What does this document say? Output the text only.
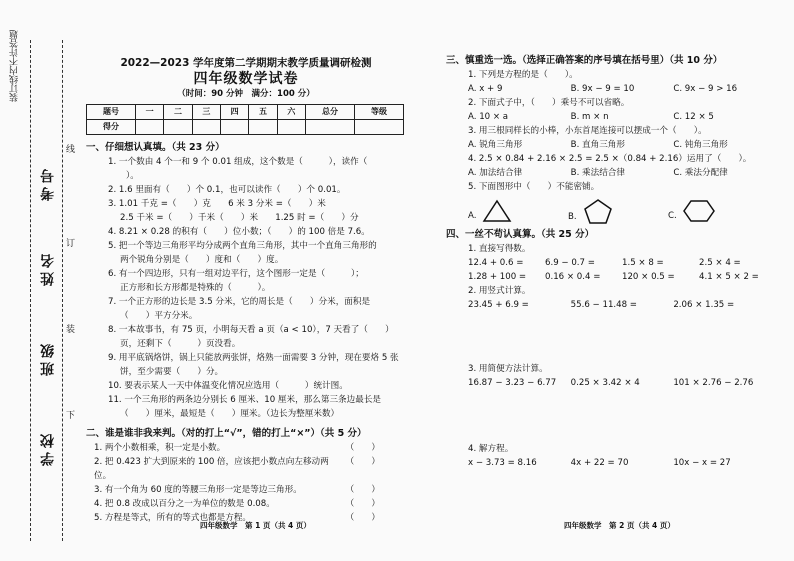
装订线内不许答题
学校
班级
姓名
考号
线
订
装
下
2022—2023 学年度第二学期期末教学质量调研检测
四年级数学试卷
（时间：90 分钟　满分：100 分）
题号	一	二	三	四	五	六	总分	等级
得分								
一、仔细想认真填。（共 23 分）
1. 一个数由 4 个一和 9 个 0.01 组成，这个数是（　　　），读作（　　　
）。
2. 1.6 里面有（　　）个 0.1，也可以读作（　　）个 0.01。
3. 1.01 千克 =（　　）克　　6 米 3 分米 =（　　）米
2.5 千米 =（　　）千米（　　）米　　1.25 时 =（　　）分
4. 8.21 × 0.28 的积有（　　）位小数；（　　）的 100 倍是 7.6。
5. 把一个等边三角形平均分成两个直角三角形，其中一个直角三角形的
两个锐角分别是（　　）度和（　　）度。
6. 有一个四边形，只有一组对边平行，这个图形一定是（　　　）；
正方形和长方形都是特殊的（　　　）。
7. 一个正方形的边长是 3.5 分米，它的周长是（　　）分米，面积是
（　　）平方分米。
8. 一本故事书，有 75 页，小明每天看 a 页（a < 10），7 天看了（　　）
页，还剩下（　　　）页没看。
9. 用平底锅烙饼，锅上只能放两张饼，烙熟一面需要 3 分钟，现在要烙 5 张
饼，至少需要（　　）分。
10. 要表示某人一天中体温变化情况应选用（　　　）统计图。
11. 一个三角形的两条边分别长 6 厘米、10 厘米，那么第三条边最长是
（　　）厘米，最短是（　　）厘米。（边长为整厘米数）
二、谁是谁非我来判。（对的打上“√”，错的打上“×”）（共 5 分）
1. 两个小数相乘，积一定是小数。	（　　）
2. 把 0.423 扩大到原来的 100 倍，应该把小数点向左移动两位。
（　　）
3. 有一个角为 60 度的等腰三角形一定是等边三角形。	（　　）
4. 把 0.8 改成以百分之一为单位的数是 0.08。	（　　）
5. 方程是等式，所有的等式也都是方程。	（　　）
四年级数学　第 1 页（共 4 页）
三、慎重选一选。（选择正确答案的序号填在括号里）（共 10 分）
1. 下列是方程的是（　　）。
A. x + 9	B. 9x − 9 = 10	C. 9x − 9 > 16
2. 下面式子中，（　　）乘号不可以省略。
A. 10 × a	B. m × n	C. 12 × 5
3. 用三根同样长的小棒，小东首尾连接可以摆成一个（　　）。
A. 锐角三角形	B. 直角三角形	C. 钝角三角形
4. 2.5 × 0.84 + 2.16 × 2.5 = 2.5 ×（0.84 + 2.16）运用了（　　）。
A. 加法结合律	B. 乘法结合律	C. 乘法分配律
5. 下面图形中（　　）不能密铺。
A.	B.	C.
四、一丝不苟认真算。（共 25 分）
1. 直接写得数。
12.4 + 0.6 =	6.9 − 0.7 =	1.5 × 8 =	2.5 × 4 =
1.28 + 100 =	0.16 × 0.4 =	120 × 0.5 =	4.1 × 5 × 2 =
2. 用竖式计算。
23.45 + 6.9 =	55.6 − 11.48 =	2.06 × 1.35 =
3. 用简便方法计算。
16.87 − 3.23 − 6.77	0.25 × 3.42 × 4	101 × 2.76 − 2.76
4. 解方程。
x − 3.73 = 8.16	4x + 22 = 70	10x − x = 27
四年级数学　第 2 页（共 4 页）
